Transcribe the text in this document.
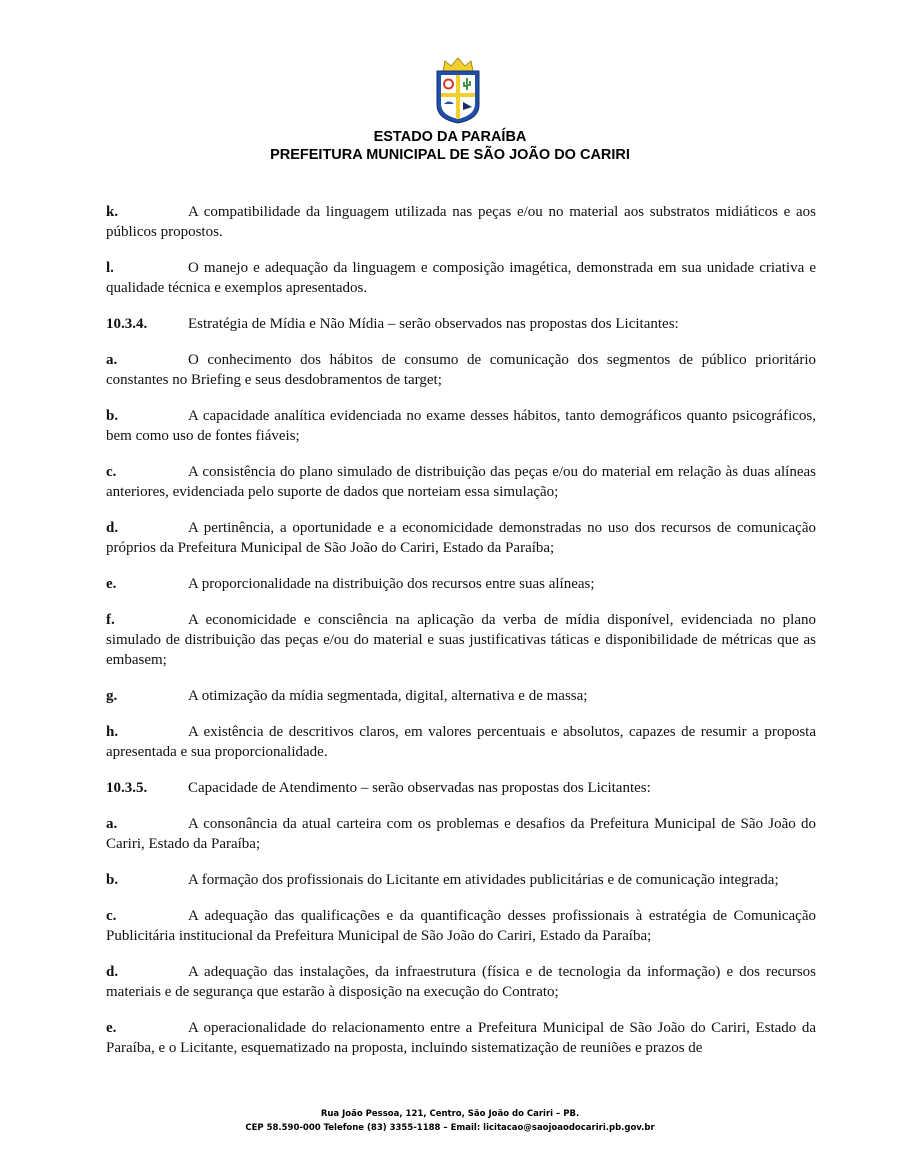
ESTADO DA PARAÍBA
PREFEITURA MUNICIPAL DE SÃO JOÃO DO CARIRI

k.	A compatibilidade da linguagem utilizada nas peças e/ou no material aos substratos midiáticos e aos públicos propostos.

l.	O manejo e adequação da linguagem e composição imagética, demonstrada em sua unidade criativa e qualidade técnica e exemplos apresentados.

10.3.4.	Estratégia de Mídia e Não Mídia – serão observados nas propostas dos Licitantes:

a.	O conhecimento dos hábitos de consumo de comunicação dos segmentos de público prioritário constantes no Briefing e seus desdobramentos de target;

b.	A capacidade analítica evidenciada no exame desses hábitos, tanto demográficos quanto psicográficos, bem como uso de fontes fiáveis;

c.	A consistência do plano simulado de distribuição das peças e/ou do material em relação às duas alíneas anteriores, evidenciada pelo suporte de dados que norteiam essa simulação;

d.	A pertinência, a oportunidade e a economicidade demonstradas no uso dos recursos de comunicação próprios da Prefeitura Municipal de São João do Cariri, Estado da Paraíba;

e.	A proporcionalidade na distribuição dos recursos entre suas alíneas;

f.	A economicidade e consciência na aplicação da verba de mídia disponível, evidenciada no plano simulado de distribuição das peças e/ou do material e suas justificativas táticas e disponibilidade de métricas que as embasem;

g.	A otimização da mídia segmentada, digital, alternativa e de massa;

h.	A existência de descritivos claros, em valores percentuais e absolutos, capazes de resumir a proposta apresentada e sua proporcionalidade.

10.3.5.	Capacidade de Atendimento – serão observadas nas propostas dos Licitantes:

a.	A consonância da atual carteira com os problemas e desafios da Prefeitura Municipal de São João do Cariri, Estado da Paraíba;

b.	A formação dos profissionais do Licitante em atividades publicitárias e de comunicação integrada;

c.	A adequação das qualificações e da quantificação desses profissionais à estratégia de Comunicação Publicitária institucional da Prefeitura Municipal de São João do Cariri, Estado da Paraíba;

d.	A adequação das instalações, da infraestrutura (física e de tecnologia da informação) e dos recursos materiais e de segurança que estarão à disposição na execução do Contrato;

e.	A operacionalidade do relacionamento entre a Prefeitura Municipal de São João do Cariri, Estado da Paraíba, e o Licitante, esquematizado na proposta, incluindo sistematização de reuniões e prazos de

Rua João Pessoa, 121, Centro, São João do Cariri – PB.
CEP 58.590-000 Telefone (83) 3355-1188 – Email: licitacao@saojoaodocariri.pb.gov.br
